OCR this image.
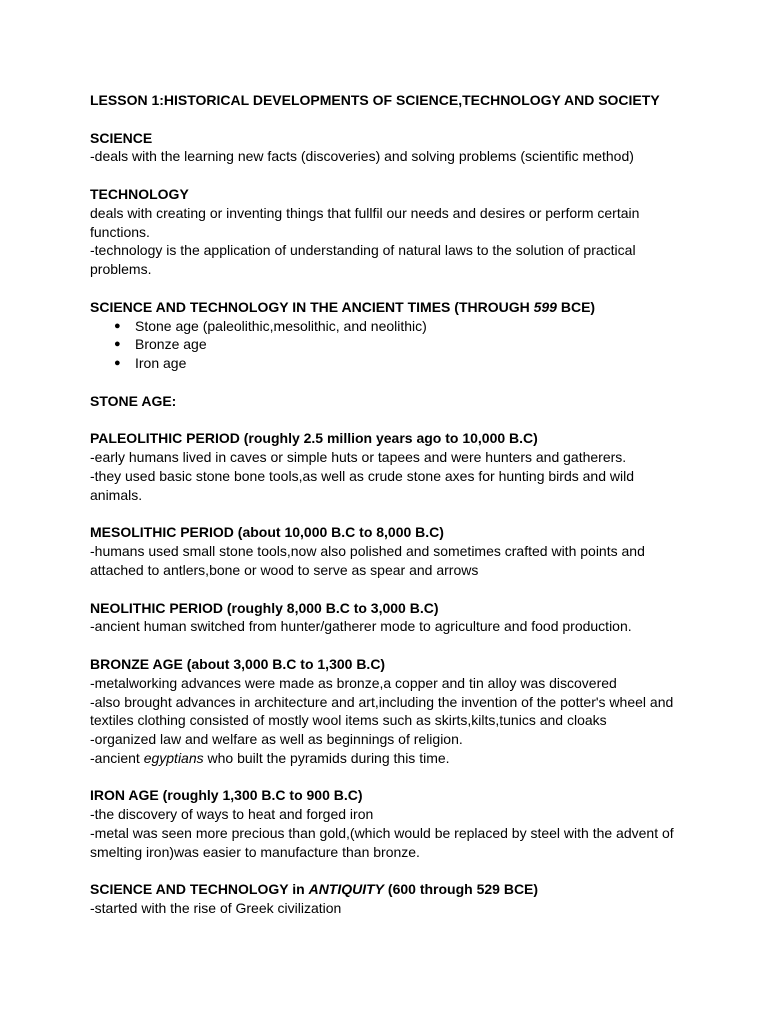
LESSON 1:HISTORICAL DEVELOPMENTS OF SCIENCE,TECHNOLOGY AND SOCIETY

SCIENCE

-deals with the learning new facts (discoveries) and solving problems (scientific method)

TECHNOLOGY

deals with creating or inventing things that fullfil our needs and desires or perform certain

functions.

-technology is the application of understanding of natural laws to the solution of practical

problems.

SCIENCE AND TECHNOLOGY IN THE ANCIENT TIMES (THROUGH 599 BCE)

● Stone age (paleolithic,mesolithic, and neolithic)
● Bronze age
● Iron age

STONE AGE:

PALEOLITHIC PERIOD (roughly 2.5 million years ago to 10,000 B.C)

-early humans lived in caves or simple huts or tapees and were hunters and gatherers.

-they used basic stone bone tools,as well as crude stone axes for hunting birds and wild

animals.

MESOLITHIC PERIOD (about 10,000 B.C to 8,000 B.C)

-humans used small stone tools,now also polished and sometimes crafted with points and

attached to antlers,bone or wood to serve as spear and arrows

NEOLITHIC PERIOD (roughly 8,000 B.C to 3,000 B.C)

-ancient human switched from hunter/gatherer mode to agriculture and food production.

BRONZE AGE (about 3,000 B.C to 1,300 B.C)

-metalworking advances were made as bronze,a copper and tin alloy was discovered

-also brought advances in architecture and art,including the invention of the potter's wheel and

textiles clothing consisted of mostly wool items such as skirts,kilts,tunics and cloaks

-organized law and welfare as well as beginnings of religion.

-ancient egyptians who built the pyramids during this time.

IRON AGE (roughly 1,300 B.C to 900 B.C)

-the discovery of ways to heat and forged iron

-metal was seen more precious than gold,(which would be replaced by steel with the advent of

smelting iron)was easier to manufacture than bronze.

SCIENCE AND TECHNOLOGY in ANTIQUITY (600 through 529 BCE)

-started with the rise of Greek civilization
